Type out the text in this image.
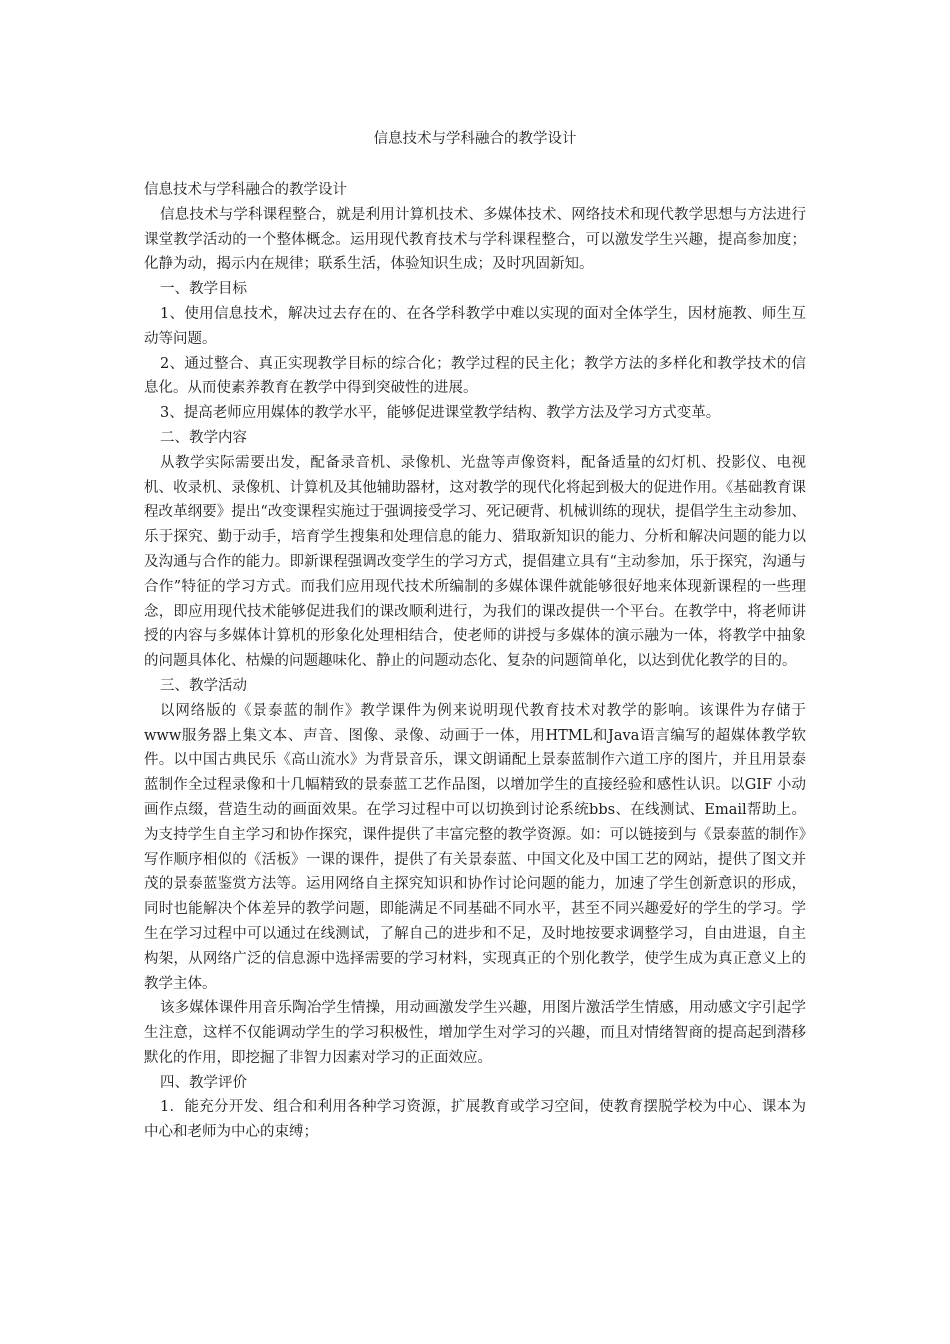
信息技术与学科融合的教学设计

信息技术与学科融合的教学设计

信息技术与学科课程整合，就是利用计算机技术、多媒体技术、网络技术和现代教学思想与方法进行课堂教学活动的一个整体概念。运用现代教育技术与学科课程整合，可以激发学生兴趣，提高参加度；化静为动，揭示内在规律；联系生活，体验知识生成；及时巩固新知。

一、教学目标

1、使用信息技术，解决过去存在的、在各学科教学中难以实现的面对全体学生，因材施教、师生互动等问题。

2、通过整合、真正实现教学目标的综合化；教学过程的民主化；教学方法的多样化和教学技术的信息化。从而使素养教育在教学中得到突破性的进展。

3、提高老师应用媒体的教学水平，能够促进课堂教学结构、教学方法及学习方式变革。

二、教学内容

从教学实际需要出发，配备录音机、录像机、光盘等声像资料，配备适量的幻灯机、投影仪、电视机、收录机、录像机、计算机及其他辅助器材，这对教学的现代化将起到极大的促进作用。《基础教育课程改革纲要》提出“改变课程实施过于强调接受学习、死记硬背、机械训练的现状，提倡学生主动参加、乐于探究、勤于动手，培育学生搜集和处理信息的能力、猎取新知识的能力、分析和解决问题的能力以及沟通与合作的能力。即新课程强调改变学生的学习方式，提倡建立具有“主动参加，乐于探究，沟通与合作”特征的学习方式。而我们应用现代技术所编制的多媒体课件就能够很好地来体现新课程的一些理念，即应用现代技术能够促进我们的课改顺利进行，为我们的课改提供一个平台。在教学中，将老师讲授的内容与多媒体计算机的形象化处理相结合，使老师的讲授与多媒体的演示融为一体，将教学中抽象的问题具体化、枯燥的问题趣味化、静止的问题动态化、复杂的问题简单化，以达到优化教学的目的。

三、教学活动

以网络版的《景泰蓝的制作》教学课件为例来说明现代教育技术对教学的影响。该课件为存储于www服务器上集文本、声音、图像、录像、动画于一体，用HTML和Java语言编写的超媒体教学软件。以中国古典民乐《高山流水》为背景音乐，课文朗诵配上景泰蓝制作六道工序的图片，并且用景泰蓝制作全过程录像和十几幅精致的景泰蓝工艺作品图，以增加学生的直接经验和感性认识。以GIF 小动画作点缀，营造生动的画面效果。在学习过程中可以切换到讨论系统bbs、在线测试、Email帮助上。为支持学生自主学习和协作探究，课件提供了丰富完整的教学资源。如：可以链接到与《景泰蓝的制作》写作顺序相似的《活板》一课的课件，提供了有关景泰蓝、中国文化及中国工艺的网站，提供了图文并茂的景泰蓝鉴赏方法等。运用网络自主探究知识和协作讨论问题的能力，加速了学生创新意识的形成，同时也能解决个体差异的教学问题，即能满足不同基础不同水平，甚至不同兴趣爱好的学生的学习。学生在学习过程中可以通过在线测试，了解自己的进步和不足，及时地按要求调整学习，自由进退，自主构架，从网络广泛的信息源中选择需要的学习材料，实现真正的个别化教学，使学生成为真正意义上的教学主体。

该多媒体课件用音乐陶冶学生情操，用动画激发学生兴趣，用图片激活学生情感，用动感文字引起学生注意，这样不仅能调动学生的学习积极性，增加学生对学习的兴趣，而且对情绪智商的提高起到潜移默化的作用，即挖掘了非智力因素对学习的正面效应。

四、教学评价

1．能充分开发、组合和利用各种学习资源，扩展教育或学习空间，使教育摆脱学校为中心、课本为中心和老师为中心的束缚；
